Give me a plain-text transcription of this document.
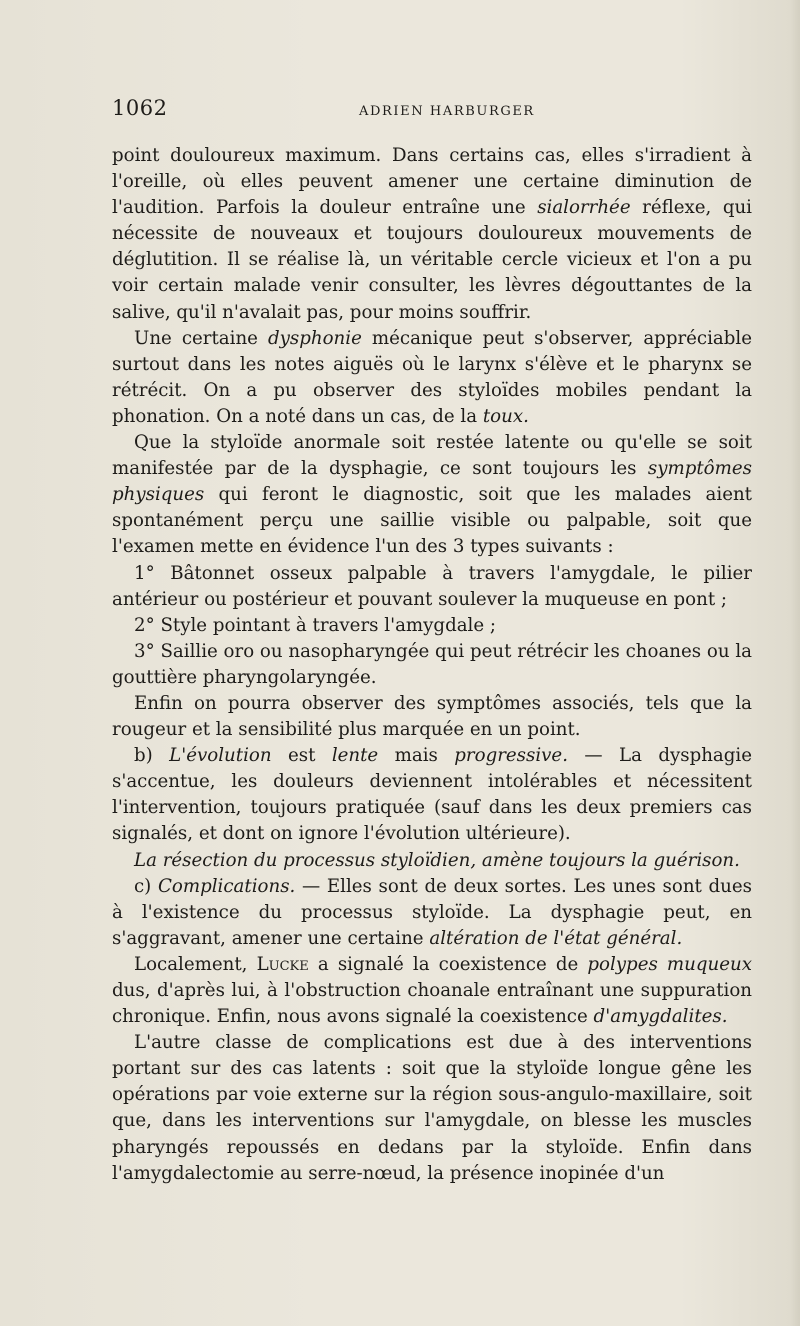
1062	ADRIEN HARBURGER

point douloureux maximum. Dans certains cas, elles s'irradient à l'oreille, où elles peuvent amener une certaine diminution de l'audition. Parfois la douleur entraîne une sialorrhée réflexe, qui nécessite de nouveaux et toujours douloureux mouvements de déglutition. Il se réalise là, un véritable cercle vicieux et l'on a pu voir certain malade venir consulter, les lèvres dégouttantes de la salive, qu'il n'avalait pas, pour moins souffrir.

Une certaine dysphonie mécanique peut s'observer, appréciable surtout dans les notes aiguës où le larynx s'élève et le pharynx se rétrécit. On a pu observer des styloïdes mobiles pendant la phonation. On a noté dans un cas, de la toux.

Que la styloïde anormale soit restée latente ou qu'elle se soit manifestée par de la dysphagie, ce sont toujours les symptômes physiques qui feront le diagnostic, soit que les malades aient spontanément perçu une saillie visible ou palpable, soit que l'examen mette en évidence l'un des 3 types suivants :

1° Bâtonnet osseux palpable à travers l'amygdale, le pilier antérieur ou postérieur et pouvant soulever la muqueuse en pont ;

2° Style pointant à travers l'amygdale ;

3° Saillie oro ou nasopharyngée qui peut rétrécir les choanes ou la gouttière pharyngolaryngée.

Enfin on pourra observer des symptômes associés, tels que la rougeur et la sensibilité plus marquée en un point.

b) L'évolution est lente mais progressive. — La dysphagie s'accentue, les douleurs deviennent intolérables et nécessitent l'intervention, toujours pratiquée (sauf dans les deux premiers cas signalés, et dont on ignore l'évolution ultérieure).

La résection du processus styloïdien, amène toujours la guérison.

c) Complications. — Elles sont de deux sortes. Les unes sont dues à l'existence du processus styloïde. La dysphagie peut, en s'aggravant, amener une certaine altération de l'état général.

Localement, Lucke a signalé la coexistence de polypes muqueux dus, d'après lui, à l'obstruction choanale entraînant une suppuration chronique. Enfin, nous avons signalé la coexistence d'amygdalites.

L'autre classe de complications est due à des interventions portant sur des cas latents : soit que la styloïde longue gêne les opérations par voie externe sur la région sous-angulo-maxillaire, soit que, dans les interventions sur l'amygdale, on blesse les muscles pharyngés repoussés en dedans par la styloïde. Enfin dans l'amygdalectomie au serre-nœud, la présence inopinée d'un
